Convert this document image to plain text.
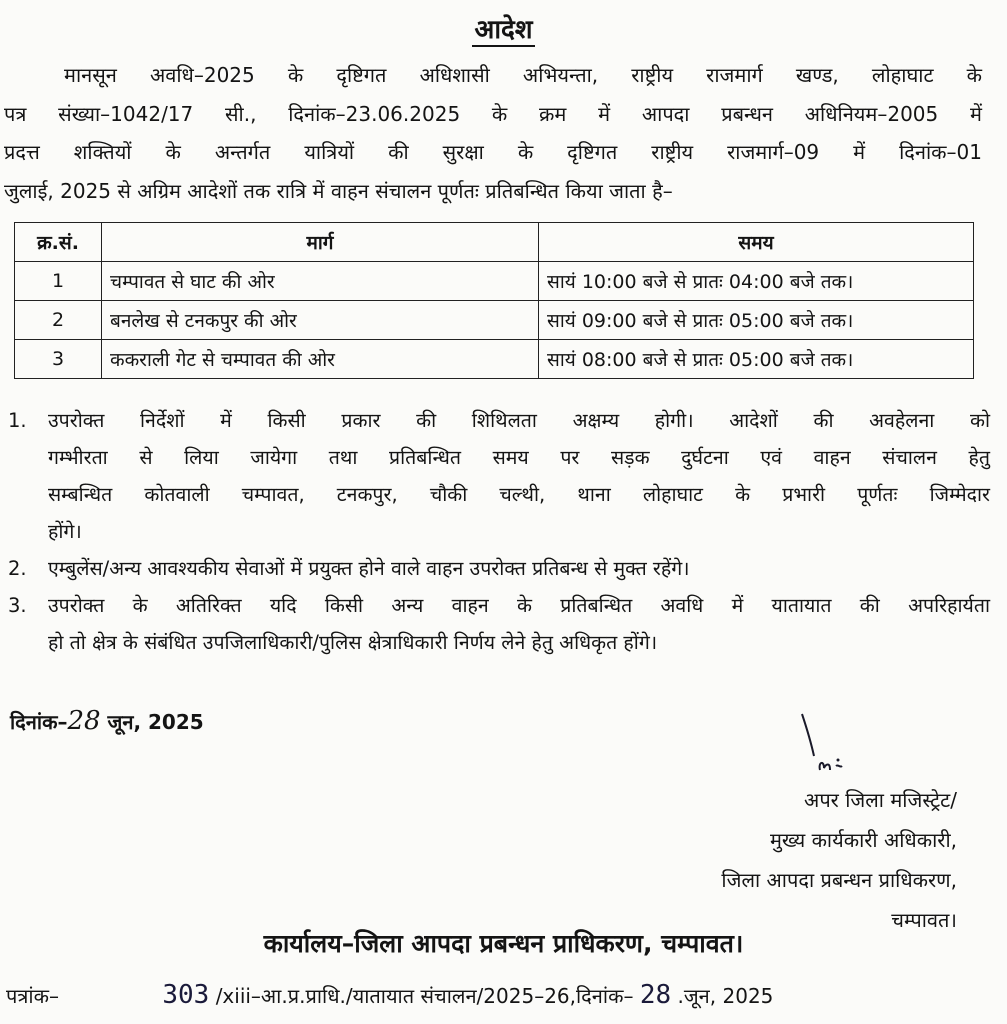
आदेश
मानसून अवधि–2025 के दृष्टिगत अधिशासी अभियन्ता, राष्ट्रीय राजमार्ग खण्ड, लोहाघाट के
पत्र संख्या–1042/17 सी., दिनांक–23.06.2025 के क्रम में आपदा प्रबन्धन अधिनियम–2005 में
प्रदत्त शक्तियों के अन्तर्गत यात्रियों की सुरक्षा के दृष्टिगत राष्ट्रीय राजमार्ग–09 में दिनांक–01
जुलाई, 2025 से अग्रिम आदेशों तक रात्रि में वाहन संचालन पूर्णतः प्रतिबन्धित किया जाता है–
क्र.सं.	मार्ग	समय
1	चम्पावत से घाट की ओर	सायं 10:00 बजे से प्रातः 04:00 बजे तक।
2	बनलेख से टनकपुर की ओर	सायं 09:00 बजे से प्रातः 05:00 बजे तक।
3	ककराली गेट से चम्पावत की ओर	सायं 08:00 बजे से प्रातः 05:00 बजे तक।
1. उपरोक्त निर्देशों में किसी प्रकार की शिथिलता अक्षम्य होगी। आदेशों की अवहेलना को
गम्भीरता से लिया जायेगा तथा प्रतिबन्धित समय पर सड़क दुर्घटना एवं वाहन संचालन हेतु
सम्बन्धित कोतवाली चम्पावत, टनकपुर, चौकी चल्थी, थाना लोहाघाट के प्रभारी पूर्णतः जिम्मेदार
होंगे।
2. एम्बुलेंस/अन्य आवश्यकीय सेवाओं में प्रयुक्त होने वाले वाहन उपरोक्त प्रतिबन्ध से मुक्त रहेंगे।
3. उपरोक्त के अतिरिक्त यदि किसी अन्य वाहन के प्रतिबन्धित अवधि में यातायात की अपरिहार्यता
हो तो क्षेत्र के संबंधित उपजिलाधिकारी/पुलिस क्षेत्राधिकारी निर्णय लेने हेतु अधिकृत होंगे।
दिनांक–28 जून, 2025
अपर जिला मजिस्ट्रेट/
मुख्य कार्यकारी अधिकारी,
जिला आपदा प्रबन्धन प्राधिकरण,
चम्पावत।
कार्यालय–जिला आपदा प्रबन्धन प्राधिकरण, चम्पावत।
पत्रांक–	303 /xiii–आ.प्र.प्राधि./यातायात संचालन/2025–26,दिनांक– 28 .जून, 2025
